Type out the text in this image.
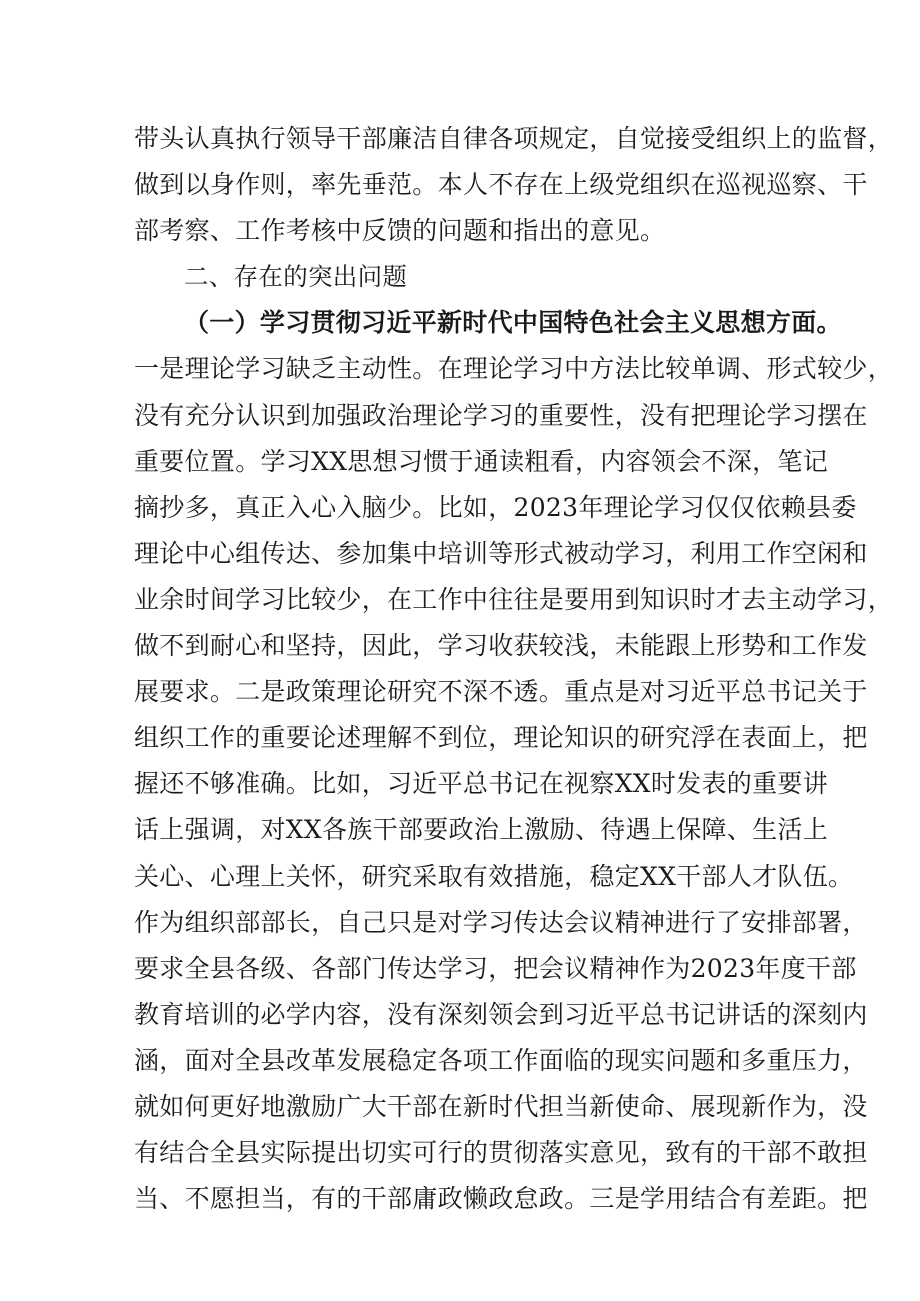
带头认真执行领导干部廉洁自律各项规定，自觉接受组织上的监督，
做到以身作则，率先垂范。本人不存在上级党组织在巡视巡察、干
部考察、工作考核中反馈的问题和指出的意见。
二、存在的突出问题
（一）学习贯彻习近平新时代中国特色社会主义思想方面。
一是理论学习缺乏主动性。在理论学习中方法比较单调、形式较少，
没有充分认识到加强政治理论学习的重要性，没有把理论学习摆在
重要位置。学习XX思想习惯于通读粗看，内容领会不深，笔记
摘抄多，真正入心入脑少。比如，2023年理论学习仅仅依赖县委
理论中心组传达、参加集中培训等形式被动学习，利用工作空闲和
业余时间学习比较少，在工作中往往是要用到知识时才去主动学习，
做不到耐心和坚持，因此，学习收获较浅，未能跟上形势和工作发
展要求。二是政策理论研究不深不透。重点是对习近平总书记关于
组织工作的重要论述理解不到位，理论知识的研究浮在表面上，把
握还不够准确。比如，习近平总书记在视察XX时发表的重要讲
话上强调，对XX各族干部要政治上激励、待遇上保障、生活上
关心、心理上关怀，研究采取有效措施，稳定XX干部人才队伍。
作为组织部部长，自己只是对学习传达会议精神进行了安排部署，
要求全县各级、各部门传达学习，把会议精神作为2023年度干部
教育培训的必学内容，没有深刻领会到习近平总书记讲话的深刻内
涵，面对全县改革发展稳定各项工作面临的现实问题和多重压力，
就如何更好地激励广大干部在新时代担当新使命、展现新作为，没
有结合全县实际提出切实可行的贯彻落实意见，致有的干部不敢担
当、不愿担当，有的干部庸政懒政怠政。三是学用结合有差距。把
